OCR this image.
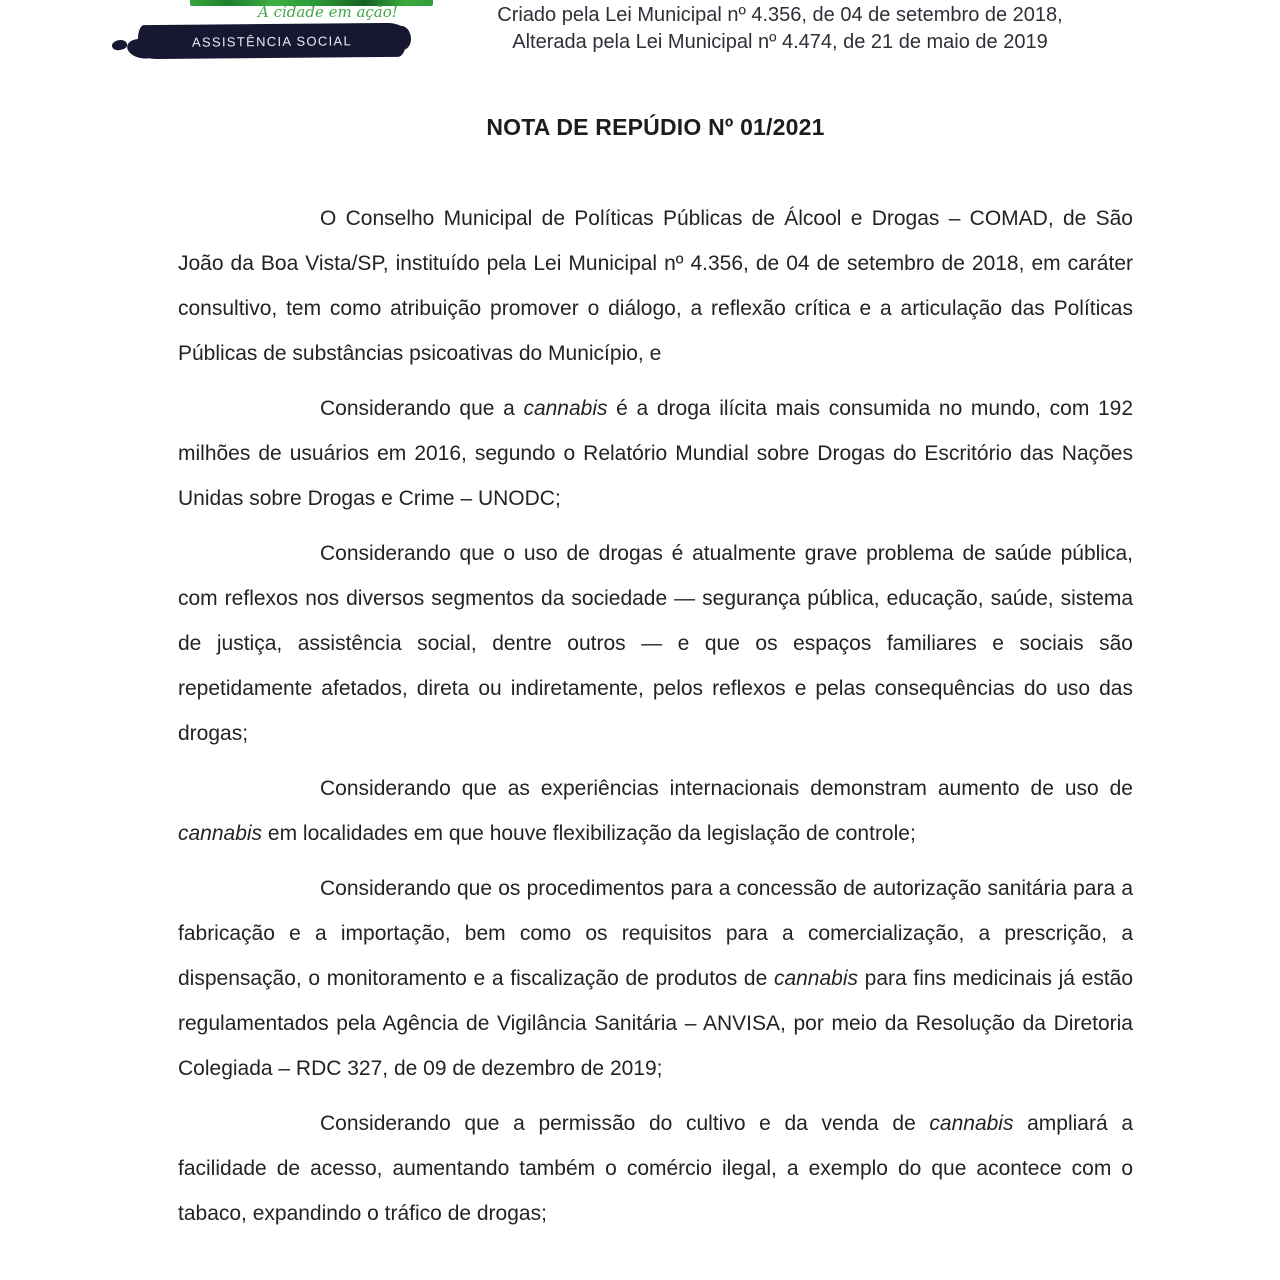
A cidade em ação!
ASSISTÊNCIA SOCIAL
Criado pela Lei Municipal nº 4.356, de 04 de setembro de 2018,
Alterada pela Lei Municipal nº 4.474, de 21 de maio de 2019
NOTA DE REPÚDIO Nº 01/2021

O Conselho Municipal de Políticas Públicas de Álcool e Drogas – COMAD, de São João da Boa Vista/SP, instituído pela Lei Municipal nº 4.356, de 04 de setembro de 2018, em caráter consultivo, tem como atribuição promover o diálogo, a reflexão crítica e a articulação das Políticas Públicas de substâncias psicoativas do Município, e

Considerando que a cannabis é a droga ilícita mais consumida no mundo, com 192 milhões de usuários em 2016, segundo o Relatório Mundial sobre Drogas do Escritório das Nações Unidas sobre Drogas e Crime – UNODC;

Considerando que o uso de drogas é atualmente grave problema de saúde pública, com reflexos nos diversos segmentos da sociedade — segurança pública, educação, saúde, sistema de justiça, assistência social, dentre outros — e que os espaços familiares e sociais são repetidamente afetados, direta ou indiretamente, pelos reflexos e pelas consequências do uso das drogas;

Considerando que as experiências internacionais demonstram aumento de uso de cannabis em localidades em que houve flexibilização da legislação de controle;

Considerando que os procedimentos para a concessão de autorização sanitária para a fabricação e a importação, bem como os requisitos para a comercialização, a prescrição, a dispensação, o monitoramento e a fiscalização de produtos de cannabis para fins medicinais já estão regulamentados pela Agência de Vigilância Sanitária – ANVISA, por meio da Resolução da Diretoria Colegiada – RDC 327, de 09 de dezembro de 2019;

Considerando que a permissão do cultivo e da venda de cannabis ampliará a facilidade de acesso, aumentando também o comércio ilegal, a exemplo do que acontece com o tabaco, expandindo o tráfico de drogas;
